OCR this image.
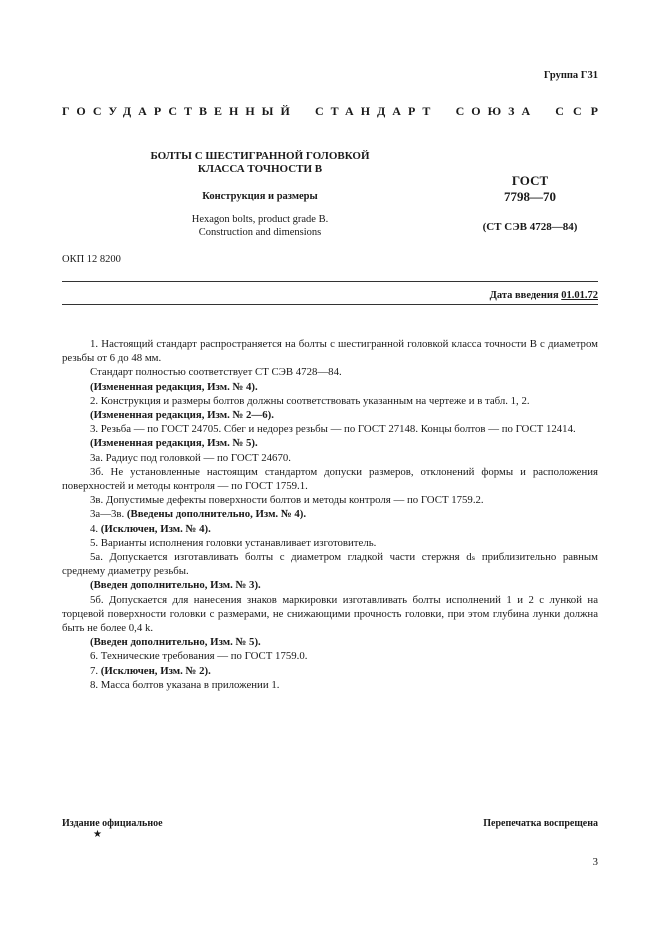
Группа Г31
ГОСУДАРСТВЕННЫЙ СТАНДАРТ СОЮЗА ССР
БОЛТЫ С ШЕСТИГРАННОЙ ГОЛОВКОЙ
КЛАССА ТОЧНОСТИ В
Конструкция и размеры
Hexagon bolts, product grade B.
Construction and dimensions
ГОСТ
7798—70
(СТ СЭВ 4728—84)
ОКП 12 8200
Дата введения 01.01.72

1. Настоящий стандарт распространяется на болты с шестигранной головкой класса точности В с диаметром резьбы от 6 до 48 мм.

Стандарт полностью соответствует СТ СЭВ 4728—84.

(Измененная редакция, Изм. № 4).

2. Конструкция и размеры болтов должны соответствовать указанным на чертеже и в табл. 1, 2.

(Измененная редакция, Изм. № 2—6).

3. Резьба — по ГОСТ 24705. Сбег и недорез резьбы — по ГОСТ 27148. Концы болтов — по ГОСТ 12414.

(Измененная редакция, Изм. № 5).

3а. Радиус под головкой — по ГОСТ 24670.

3б. Не установленные настоящим стандартом допуски размеров, отклонений формы и расположения поверхностей и методы контроля — по ГОСТ 1759.1.

3в. Допустимые дефекты поверхности болтов и методы контроля — по ГОСТ 1759.2.

3а—3в. (Введены дополнительно, Изм. № 4).

4. (Исключен, Изм. № 4).

5. Варианты исполнения головки устанавливает изготовитель.

5а. Допускается изготавливать болты с диаметром гладкой части стержня dₛ приблизительно равным среднему диаметру резьбы.

(Введен дополнительно, Изм. № 3).

5б. Допускается для нанесения знаков маркировки изготавливать болты исполнений 1 и 2 с лункой на торцевой поверхности головки с размерами, не снижающими прочность головки, при этом глубина лунки должна быть не более 0,4 k.

(Введен дополнительно, Изм. № 5).

6. Технические требования — по ГОСТ 1759.0.

7. (Исключен, Изм. № 2).

8. Масса болтов указана в приложении 1.

Издание официальное
★
Перепечатка воспрещена
3
